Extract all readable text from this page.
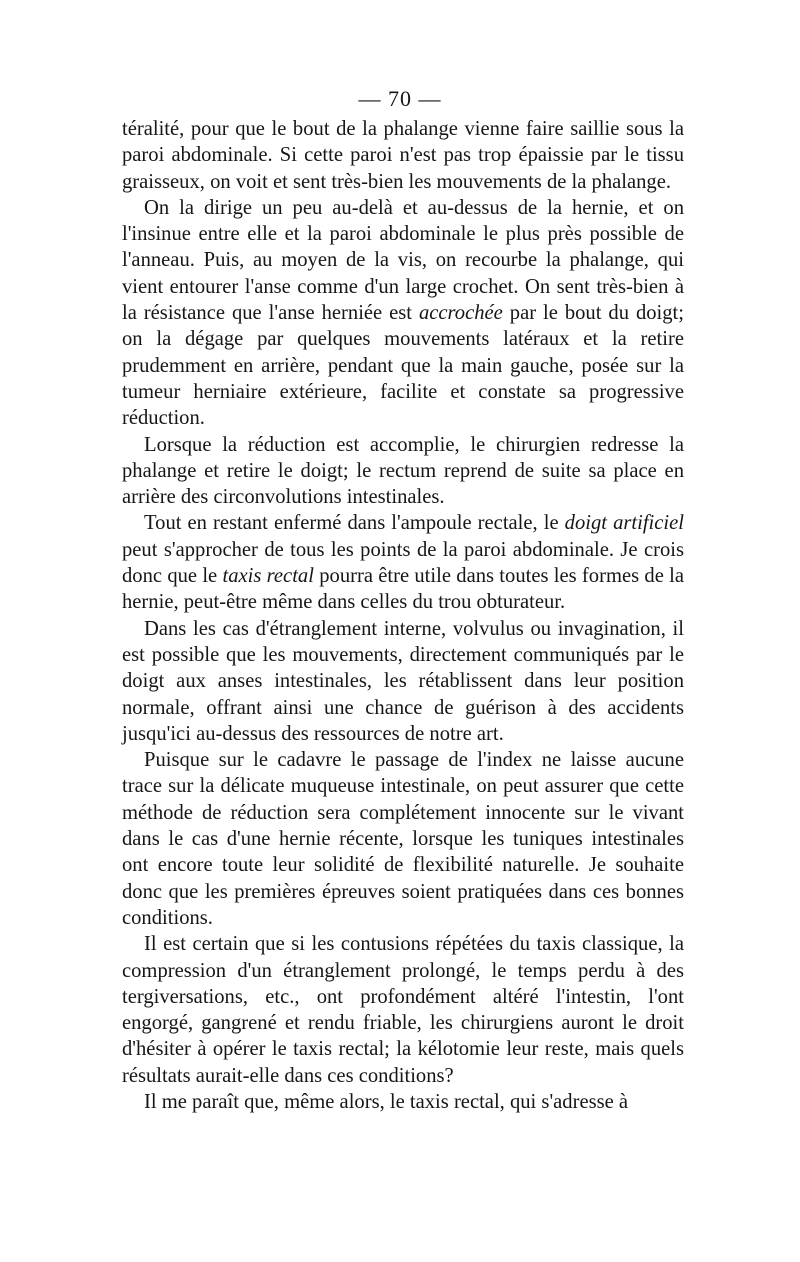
— 70 —

téralité, pour que le bout de la phalange vienne faire saillie sous la paroi abdominale. Si cette paroi n'est pas trop épaissie par le tissu graisseux, on voit et sent très-bien les mouvements de la phalange.

On la dirige un peu au-delà et au-dessus de la hernie, et on l'insinue entre elle et la paroi abdominale le plus près possible de l'anneau. Puis, au moyen de la vis, on recourbe la phalange, qui vient entourer l'anse comme d'un large crochet. On sent très-bien à la résistance que l'anse herniée est accrochée par le bout du doigt; on la dégage par quelques mouvements latéraux et la retire prudemment en arrière, pendant que la main gauche, posée sur la tumeur herniaire extérieure, facilite et constate sa progressive réduction.

Lorsque la réduction est accomplie, le chirurgien redresse la phalange et retire le doigt; le rectum reprend de suite sa place en arrière des circonvolutions intestinales.

Tout en restant enfermé dans l'ampoule rectale, le doigt artificiel peut s'approcher de tous les points de la paroi abdominale. Je crois donc que le taxis rectal pourra être utile dans toutes les formes de la hernie, peut-être même dans celles du trou obturateur.

Dans les cas d'étranglement interne, volvulus ou invagination, il est possible que les mouvements, directement communiqués par le doigt aux anses intestinales, les rétablissent dans leur position normale, offrant ainsi une chance de guérison à des accidents jusqu'ici au-dessus des ressources de notre art.

Puisque sur le cadavre le passage de l'index ne laisse aucune trace sur la délicate muqueuse intestinale, on peut assurer que cette méthode de réduction sera complétement innocente sur le vivant dans le cas d'une hernie récente, lorsque les tuniques intestinales ont encore toute leur solidité de flexibilité naturelle. Je souhaite donc que les premières épreuves soient pratiquées dans ces bonnes conditions.

Il est certain que si les contusions répétées du taxis classique, la compression d'un étranglement prolongé, le temps perdu à des tergiversations, etc., ont profondément altéré l'intestin, l'ont engorgé, gangrené et rendu friable, les chirurgiens auront le droit d'hésiter à opérer le taxis rectal; la kélotomie leur reste, mais quels résultats aurait-elle dans ces conditions?

Il me paraît que, même alors, le taxis rectal, qui s'adresse à
